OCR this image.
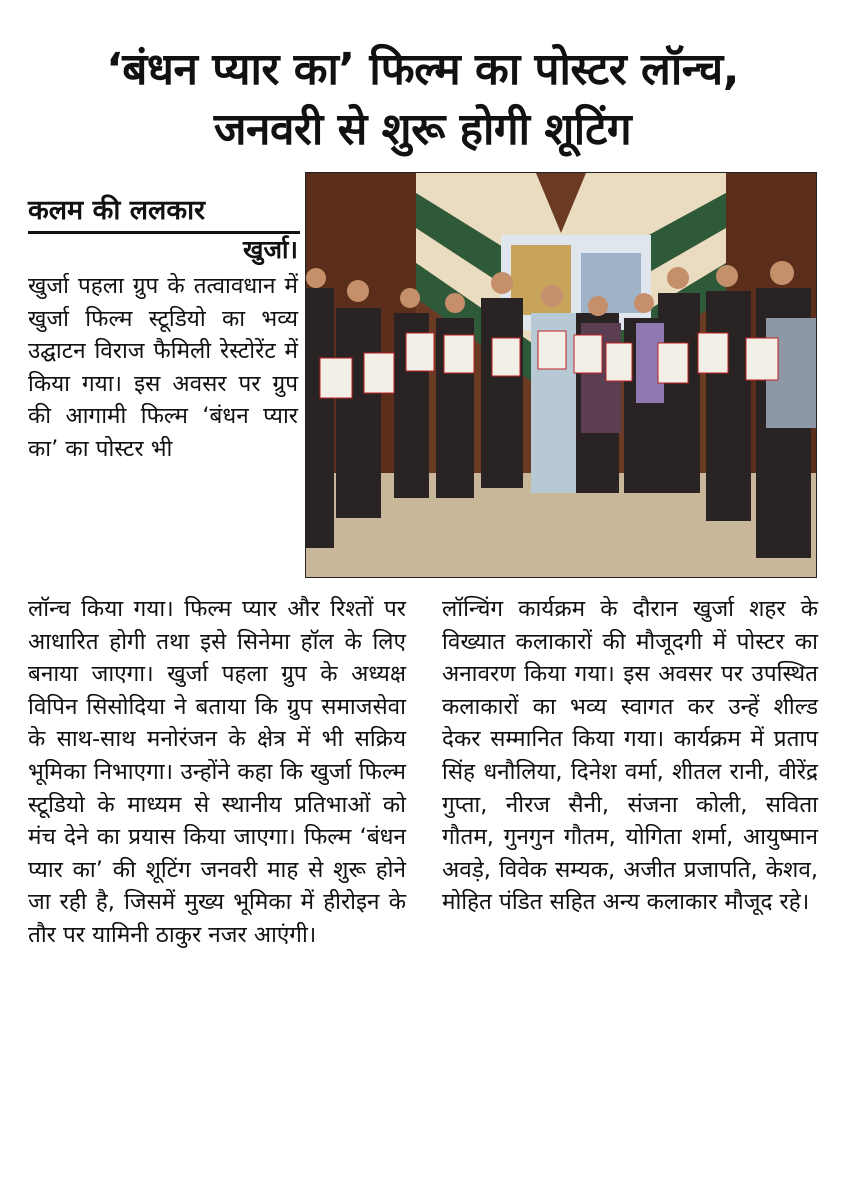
‘बंधन प्यार का’ फिल्म का पोस्टर लॉन्च,
जनवरी से शुरू होगी शूटिंग
कलम की ललकार
खुर्जा।

खुर्जा पहला ग्रुप के तत्वावधान में खुर्जा फिल्म स्टूडियो का भव्य उद्घाटन विराज फैमिली रेस्टोरेंट में किया गया। इस अवसर पर ग्रुप की आगामी फिल्म ‘बंधन प्यार का’ का पोस्टर भी

लॉन्च किया गया। फिल्म प्यार और रिश्तों पर आधारित होगी तथा इसे सिनेमा हॉल के लिए बनाया जाएगा। खुर्जा पहला ग्रुप के अध्यक्ष विपिन सिसोदिया ने बताया कि ग्रुप समाजसेवा के साथ-साथ मनोरंजन के क्षेत्र में भी सक्रिय भूमिका निभाएगा। उन्होंने कहा कि खुर्जा फिल्म स्टूडियो के माध्यम से स्थानीय प्रतिभाओं को मंच देने का प्रयास किया जाएगा। फिल्म ‘बंधन प्यार का’ की शूटिंग जनवरी माह से शुरू होने जा रही है, जिसमें मुख्य भूमिका में हीरोइन के तौर पर यामिनी ठाकुर नजर आएंगी।

लॉन्चिंग कार्यक्रम के दौरान खुर्जा शहर के विख्यात कलाकारों की मौजूदगी में पोस्टर का अनावरण किया गया। इस अवसर पर उपस्थित कलाकारों का भव्य स्वागत कर उन्हें शील्ड देकर सम्मानित किया गया। कार्यक्रम में प्रताप सिंह धनौलिया, दिनेश वर्मा, शीतल रानी, वीरेंद्र गुप्ता, नीरज सैनी, संजना कोली, सविता गौतम, गुनगुन गौतम, योगिता शर्मा, आयुष्मान अवड़े, विवेक सम्यक, अजीत प्रजापति, केशव, मोहित पंडित सहित अन्य कलाकार मौजूद रहे।
